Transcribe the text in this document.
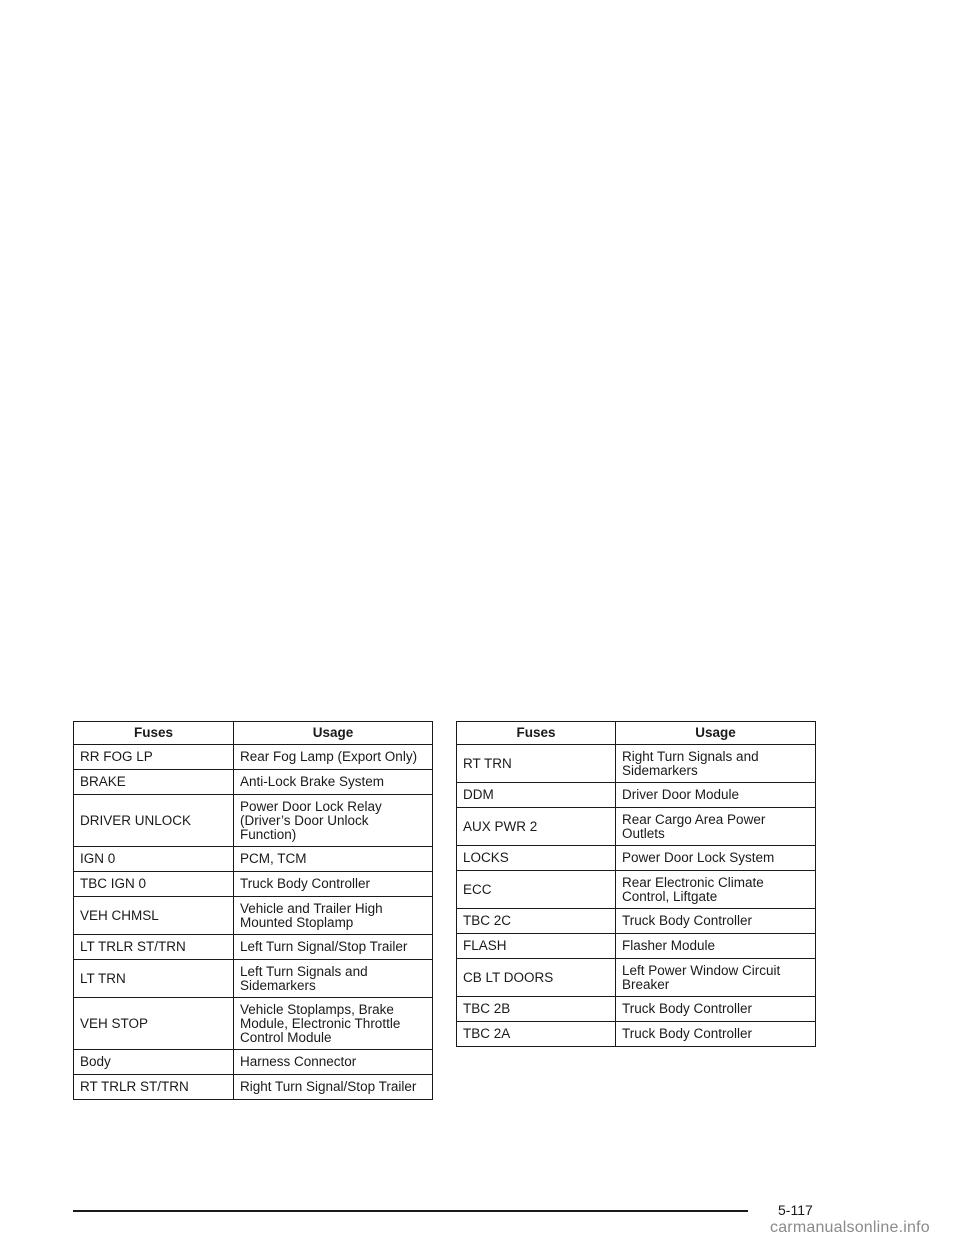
Fuses	Usage
RR FOG LP	Rear Fog Lamp (Export Only)
BRAKE	Anti-Lock Brake System
DRIVER UNLOCK	Power Door Lock Relay (Driver’s Door Unlock Function)
IGN 0	PCM, TCM
TBC IGN 0	Truck Body Controller
VEH CHMSL	Vehicle and Trailer High Mounted Stoplamp
LT TRLR ST/TRN	Left Turn Signal/Stop Trailer
LT TRN	Left Turn Signals and Sidemarkers
VEH STOP	Vehicle Stoplamps, Brake Module, Electronic Throttle Control Module
Body	Harness Connector
RT TRLR ST/TRN	Right Turn Signal/Stop Trailer
Fuses	Usage
RT TRN	Right Turn Signals and Sidemarkers
DDM	Driver Door Module
AUX PWR 2	Rear Cargo Area Power Outlets
LOCKS	Power Door Lock System
ECC	Rear Electronic Climate Control, Liftgate
TBC 2C	Truck Body Controller
FLASH	Flasher Module
CB LT DOORS	Left Power Window Circuit Breaker
TBC 2B	Truck Body Controller
TBC 2A	Truck Body Controller
5-117
carmanualsonline.info
